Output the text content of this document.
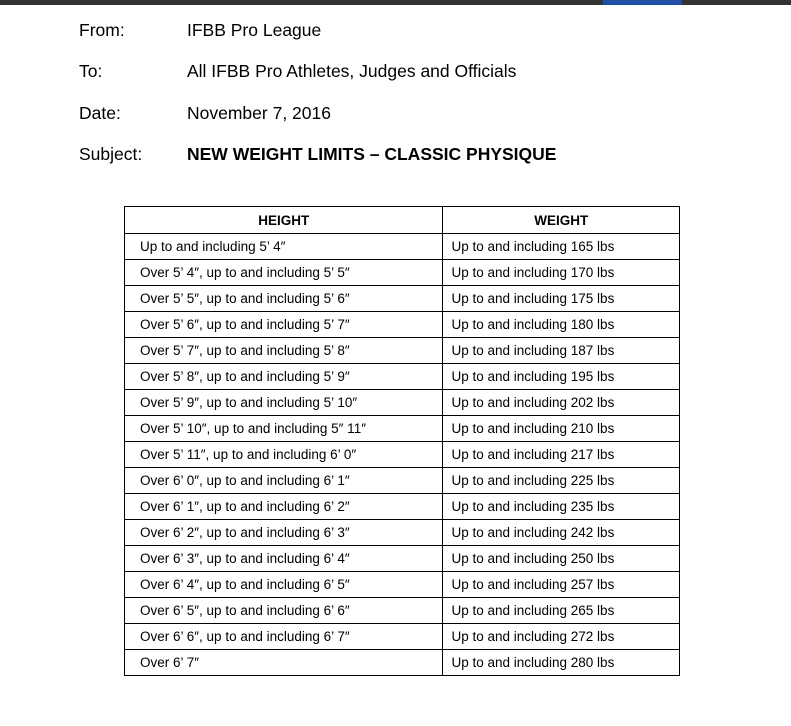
From:	IFBB Pro League
To:	All IFBB Pro Athletes, Judges and Officials
Date:	November 7, 2016
Subject:	NEW WEIGHT LIMITS – CLASSIC PHYSIQUE
HEIGHT	WEIGHT
Up to and including 5’ 4″	Up to and including 165 lbs
Over 5’ 4″, up to and including 5’ 5″	Up to and including 170 lbs
Over 5’ 5″, up to and including 5’ 6″	Up to and including 175 lbs
Over 5’ 6″, up to and including 5’ 7″	Up to and including 180 lbs
Over 5’ 7″, up to and including 5’ 8″	Up to and including 187 lbs
Over 5’ 8″, up to and including 5’ 9″	Up to and including 195 lbs
Over 5’ 9″, up to and including 5’ 10″	Up to and including 202 lbs
Over 5’ 10″, up to and including 5″ 11″	Up to and including 210 lbs
Over 5’ 11″, up to and including 6’ 0″	Up to and including 217 lbs
Over 6’ 0″, up to and including 6’ 1″	Up to and including 225 lbs
Over 6’ 1″, up to and including 6’ 2″	Up to and including 235 lbs
Over 6’ 2″, up to and including 6’ 3″	Up to and including 242 lbs
Over 6’ 3″, up to and including 6’ 4″	Up to and including 250 lbs
Over 6’ 4″, up to and including 6’ 5″	Up to and including 257 lbs
Over 6’ 5″, up to and including 6’ 6″	Up to and including 265 lbs
Over 6’ 6″, up to and including 6’ 7″	Up to and including 272 lbs
Over 6’ 7″	Up to and including 280 lbs
